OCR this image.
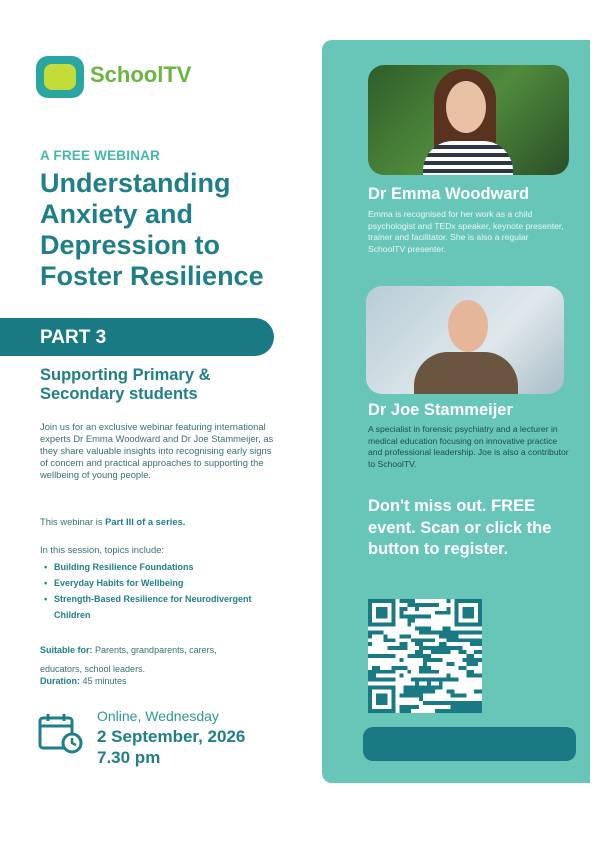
SchoolTV
A FREE WEBINAR
Understanding Anxiety and Depression to Foster Resilience
PART 3
Supporting Primary & Secondary students

Join us for an exclusive webinar featuring international experts Dr Emma Woodward and Dr Joe Stammeijer, as they share valuable insights into recognising early signs of concern and practical approaches to supporting the wellbeing of young people.

This webinar is Part III of a series.

In this session, topics include:

• Building Resilience Foundations
• Everyday Habits for Wellbeing
• Strength-Based Resilience for Neurodivergent Children

Suitable for: Parents, grandparents, carers, educators, school leaders.

Duration: 45 minutes

Online, Wednesday
2 September, 2026
7.30 pm
Dr Emma Woodward

Emma is recognised for her work as a child psychologist and TEDx speaker, keynote presenter, trainer and facilitator. She is also a regular SchoolTV presenter.

Dr Joe Stammeijer

A specialist in forensic psychiatry and a lecturer in medical education focusing on innovative practice and professional leadership. Joe is also a contributor to SchoolTV.

Don't miss out. FREE event. Scan or click the button to register.
